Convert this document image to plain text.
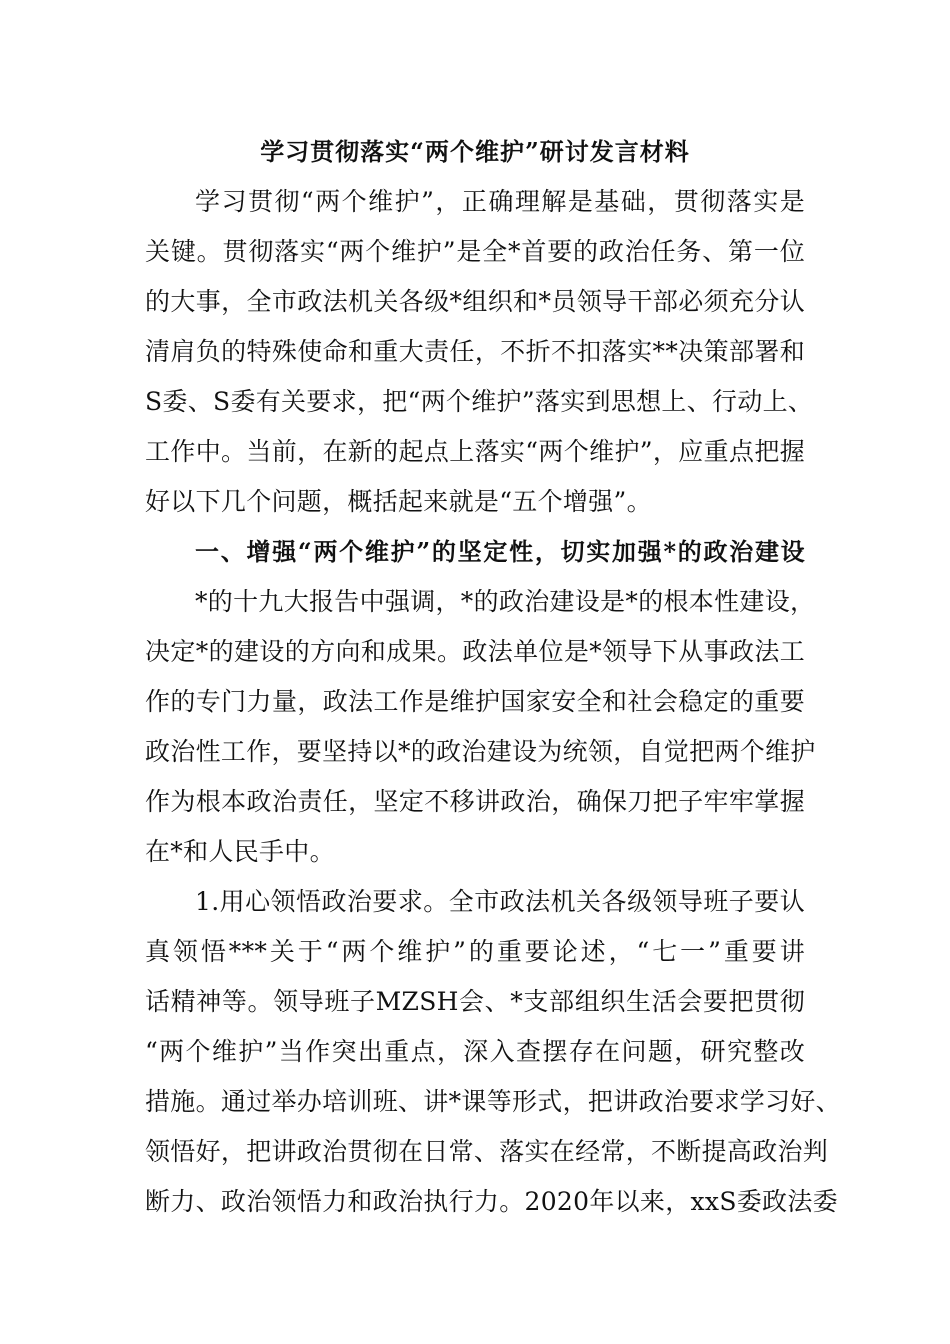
学习贯彻落实“两个维护”研讨发言材料
学习贯彻“两个维护”，正确理解是基础，贯彻落实是
关键。贯彻落实“两个维护”是全*首要的政治任务、第一位
的大事，全市政法机关各级*组织和*员领导干部必须充分认
清肩负的特殊使命和重大责任，不折不扣落实**决策部署和
S委、S委有关要求，把“两个维护”落实到思想上、行动上、
工作中。当前，在新的起点上落实“两个维护”，应重点把握
好以下几个问题，概括起来就是“五个增强”。
一、增强“两个维护”的坚定性，切实加强*的政治建设
*的十九大报告中强调，*的政治建设是*的根本性建设，
决定*的建设的方向和成果。政法单位是*领导下从事政法工
作的专门力量，政法工作是维护国家安全和社会稳定的重要
政治性工作，要坚持以*的政治建设为统领，自觉把两个维护
作为根本政治责任，坚定不移讲政治，确保刀把子牢牢掌握
在*和人民手中。
1.用心领悟政治要求。全市政法机关各级领导班子要认
真领悟***关于“两个维护”的重要论述，“七一”重要讲
话精神等。领导班子MZSH会、*支部组织生活会要把贯彻
“两个维护”当作突出重点，深入查摆存在问题，研究整改
措施。通过举办培训班、讲*课等形式，把讲政治要求学习好、
领悟好，把讲政治贯彻在日常、落实在经常，不断提高政治判
断力、政治领悟力和政治执行力。2020年以来，xxS委政法委
